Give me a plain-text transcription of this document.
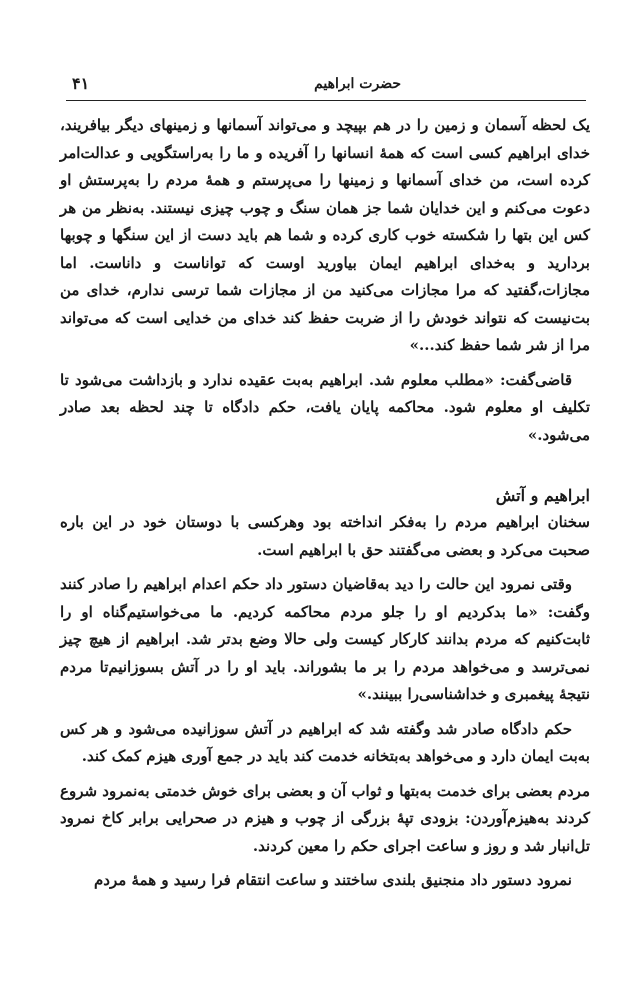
حضرت ابراهیم
۴۱

یک لحظه آسمان و زمین را در هم بپیچد و می‌تواند آسمانها و زمینهای دیگر بیافریند، خدای ابراهیم کسی است که همهٔ انسانها را آفریده و ما را به‌راستگویی و عدالت‌امر کرده است، من خدای آسمانها و زمینها را می‌پرستم و همهٔ مردم را به‌پرستش او دعوت می‌کنم و این خدایان شما جز همان سنگ و چوب چیزی نیستند. به‌نظر من هر کس این بتها را شکسته خوب کاری کرده و شما هم باید دست از این سنگها و چوبها بردارید و به‌خدای ابراهیم ایمان بیاورید اوست که تواناست و داناست. اما مجازات،گفتید که مرا مجازات می‌کنید من از مجازات شما ترسی ندارم، خدای من بت‌نیست که نتواند خودش را از ضربت حفظ کند خدای من خدایی است که می‌تواند مرا از شر شما حفظ کند...»

قاضی‌گفت: «مطلب معلوم شد. ابراهیم به‌بت عقیده ندارد و بازداشت می‌شود تا تکلیف او معلوم شود. محاکمه پایان یافت، حکم دادگاه تا چند لحظه بعد صادر می‌شود.»

ابراهیم و آتش

سخنان ابراهیم مردم را به‌فکر انداخته بود وهرکسی با دوستان خود در این باره صحبت می‌کرد و بعضی می‌گفتند حق با ابراهیم است.

وقتی نمرود این حالت را دید به‌قاضیان دستور داد حکم اعدام ابراهیم را صادر کنند وگفت: «ما بدکردیم او را جلو مردم محاکمه کردیم. ما می‌خواستیم‌گناه او را ثابت‌کنیم که مردم بدانند کارکار کیست ولی حالا وضع بدتر شد. ابراهیم از هیچ چیز نمی‌ترسد و می‌خواهد مردم را بر ما بشوراند. باید او را در آتش بسوزانیم‌تا مردم نتیجهٔ پیغمبری و خداشناسی‌را ببینند.»

حکم دادگاه صادر شد وگفته شد که ابراهیم در آتش سوزانیده می‌شود و هر کس به‌بت ایمان دارد و می‌خواهد به‌بتخانه خدمت کند باید در جمع آوری هیزم کمک کند.

مردم بعضی برای خدمت به‌بتها و ثواب آن و بعضی برای خوش خدمتی به‌نمرود شروع کردند به‌هیزم‌آوردن: بزودی تپهٔ بزرگی از چوب و هیزم در صحرایی برابر کاخ نمرود تل‌انبار شد و روز و ساعت اجرای حکم را معین کردند.

نمرود دستور داد منجنیق بلندی ساختند و ساعت انتقام فرا رسید و همهٔ مردم
